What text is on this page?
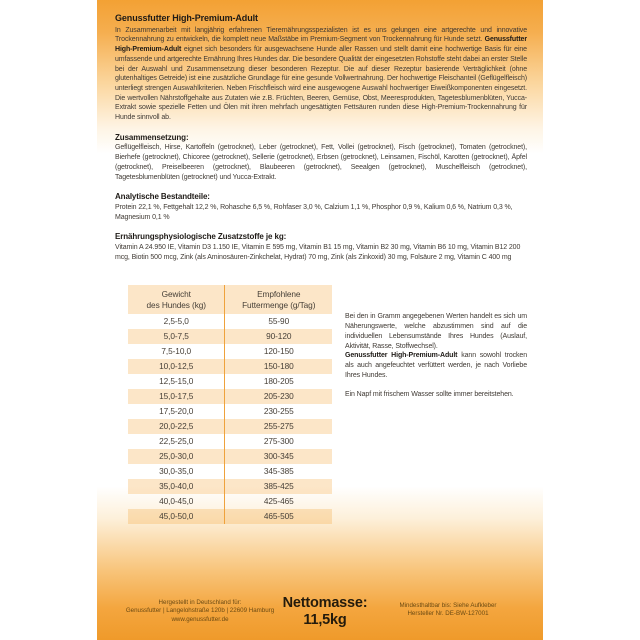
Genussfutter High-Premium-Adult

In Zusammenarbeit mit langjährig erfahrenen Tierernährungsspezialisten ist es uns gelungen eine artgerechte und innovative Trockennahrung zu entwickeln, die komplett neue Maßstäbe im Premium-Segment von Trockennahrung für Hunde setzt. Genussfutter High-Premium-Adult eignet sich besonders für ausgewachsene Hunde aller Rassen und stellt damit eine hochwertige Basis für eine umfassende und artgerechte Ernährung Ihres Hundes dar. Die besondere Qualität der eingesetzten Rohstoffe steht dabei an erster Stelle bei der Auswahl und Zusammensetzung dieser besonderen Rezeptur. Die auf dieser Rezeptur basierende Verträglichkeit (ohne glutenhaltiges Getreide) ist eine zusätzliche Grundlage für eine gesunde Vollwertnahrung. Der hochwertige Fleischanteil (Geflügelfleisch) unterliegt strengen Auswahlkriterien. Neben Frischfleisch wird eine ausgewogene Auswahl hochwertiger Eiweißkomponenten eingesetzt. Die wertvollen Nährstoffgehalte aus Zutaten wie z.B. Früchten, Beeren, Gemüse, Obst, Meeresprodukten, Tagetesblumenblüten, Yucca-Extrakt sowie spezielle Fetten und Ölen mit ihren mehrfach ungesättigten Fettsäuren runden diese High-Premium-Trockennahrung für Hunde sinnvoll ab.

Zusammensetzung:

Geflügelfleisch, Hirse, Kartoffeln (getrocknet), Leber (getrocknet), Fett, Vollei (getrocknet), Fisch (getrocknet), Tomaten (getrocknet), Bierhefe (getrocknet), Chicoree (getrocknet), Sellerie (getrocknet), Erbsen (getrocknet), Leinsamen, Fischöl, Karotten (getrocknet), Äpfel (getrocknet), Preiselbeeren (getrocknet), Blaubeeren (getrocknet), Seealgen (getrocknet), Muschelfleisch (getrocknet), Tagetesblumenblüten (getrocknet) und Yucca-Extrakt.

Analytische Bestandteile:

Protein 22,1 %, Fettgehalt 12,2 %, Rohasche 6,5 %, Rohfaser 3,0 %, Calzium 1,1 %, Phosphor 0,9 %, Kalium 0,6 %, Natrium 0,3 %, Magnesium 0,1 %

Ernährungsphysiologische Zusatzstoffe je kg:

Vitamin A 24.950 IE, Vitamin D3 1.150 IE, Vitamin E 595 mg, Vitamin B1 15 mg, Vitamin B2 30 mg, Vitamin B6 10 mg, Vitamin B12 200 mcg, Biotin 500 mcg, Zink (als Aminosäuren-Zinkchelat, Hydrat) 70 mg, Zink (als Zinkoxid) 30 mg, Folsäure 2 mg, Vitamin C 400 mg

Gewicht
des Hundes (kg)	Empfohlene
Futtermenge (g/Tag)
2,5-5,0	55-90
5,0-7,5	90-120
7,5-10,0	120-150
10,0-12,5	150-180
12,5-15,0	180-205
15,0-17,5	205-230
17,5-20,0	230-255
20,0-22,5	255-275
22,5-25,0	275-300
25,0-30,0	300-345
30,0-35,0	345-385
35,0-40,0	385-425
40,0-45,0	425-465
45,0-50,0	465-505

Bei den in Gramm angegebenen Werten handelt es sich um Näherungswerte, welche abzustimmen sind auf die individuellen Lebensumstände Ihres Hundes (Auslauf, Aktivität, Rasse, Stoffwechsel).

Genussfutter High-Premium-Adult kann sowohl trocken als auch angefeuchtet verfüttert werden, je nach Vorliebe Ihres Hundes.

Ein Napf mit frischem Wasser sollte immer bereitstehen.

Hergestellt in Deutschland für:
Genussfutter | Langelohstraße 120b | 22609 Hamburg
www.genussfutter.de
Nettomasse:
11,5kg
Mindesthaltbar bis: Siehe Aufkleber
Hersteller Nr. DE-BW-127001
